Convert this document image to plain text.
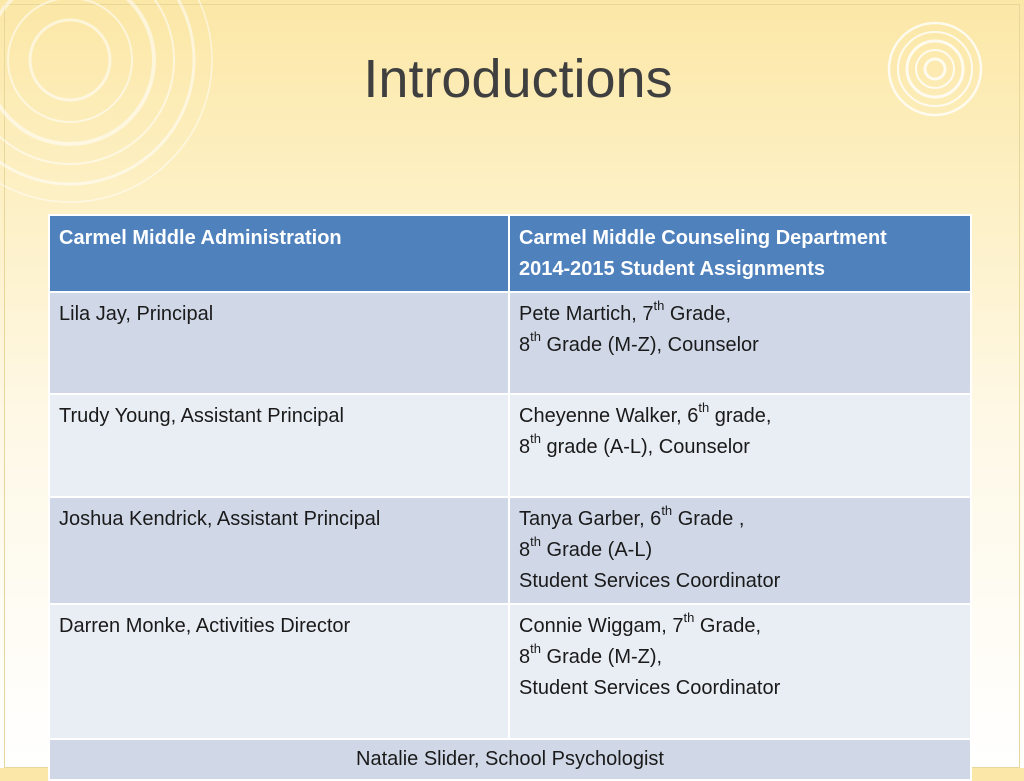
Introductions
Carmel Middle Administration	Carmel Middle Counseling Department
2014-2015 Student Assignments

Lila Jay, Principal	Pete Martich, 7th Grade,
8th Grade (M-Z), Counselor

Trudy Young, Assistant Principal	Cheyenne Walker, 6th grade,
8th grade (A-L), Counselor

Joshua Kendrick, Assistant Principal	Tanya Garber, 6th Grade ,
8th Grade (A-L)
Student Services Coordinator

Darren Monke, Activities Director	Connie Wiggam, 7th Grade,
8th Grade (M-Z),
Student Services Coordinator

Natalie Slider, School Psychologist	
